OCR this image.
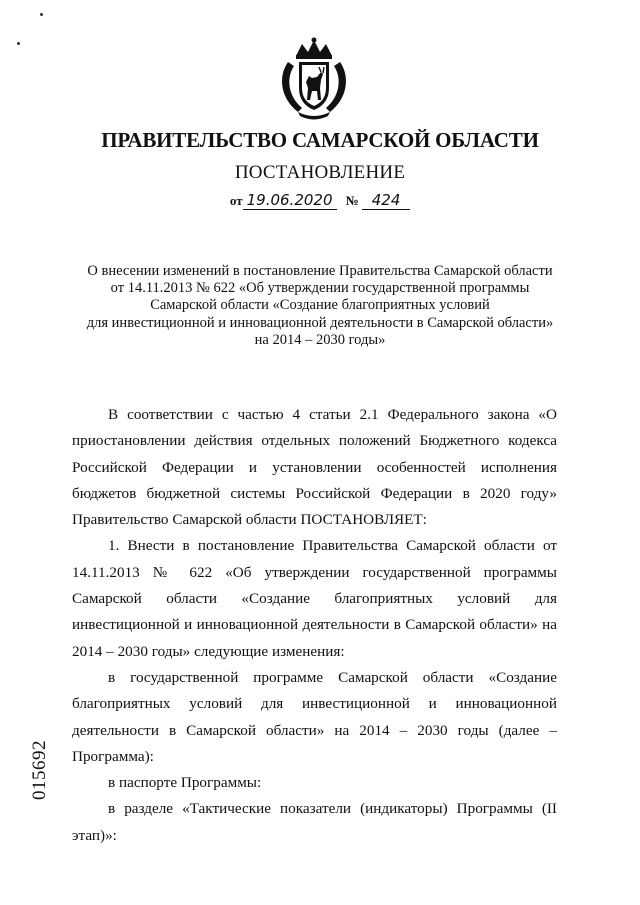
ПРАВИТЕЛЬСТВО САМАРСКОЙ ОБЛАСТИ
ПОСТАНОВЛЕНИЕ
от 19.06.2020 № 424
О внесении изменений в постановление Правительства Самарской области
от 14.11.2013 № 622 «Об утверждении государственной программы
Самарской области «Создание благоприятных условий
для инвестиционной и инновационной деятельности в Самарской области»
на 2014 – 2030 годы»

В соответствии с частью 4 статьи 2.1 Федерального закона «О приостановлении действия отдельных положений Бюджетного кодекса Российской Федерации и установлении особенностей исполнения бюджетов бюджетной системы Российской Федерации в 2020 году» Правительство Самарской области ПОСТАНОВЛЯЕТ:

1. Внести в постановление Правительства Самарской области от 14.11.2013 № 622 «Об утверждении государственной программы Самарской области «Создание благоприятных условий для инвестиционной и инновационной деятельности в Самарской области» на 2014 – 2030 годы» следующие изменения:

в государственной программе Самарской области «Создание благоприятных условий для инвестиционной и инновационной деятельности в Самарской области» на 2014 – 2030 годы (далее – Программа):

в паспорте Программы:

в разделе «Тактические показатели (индикаторы) Программы (II этап)»:

015692
